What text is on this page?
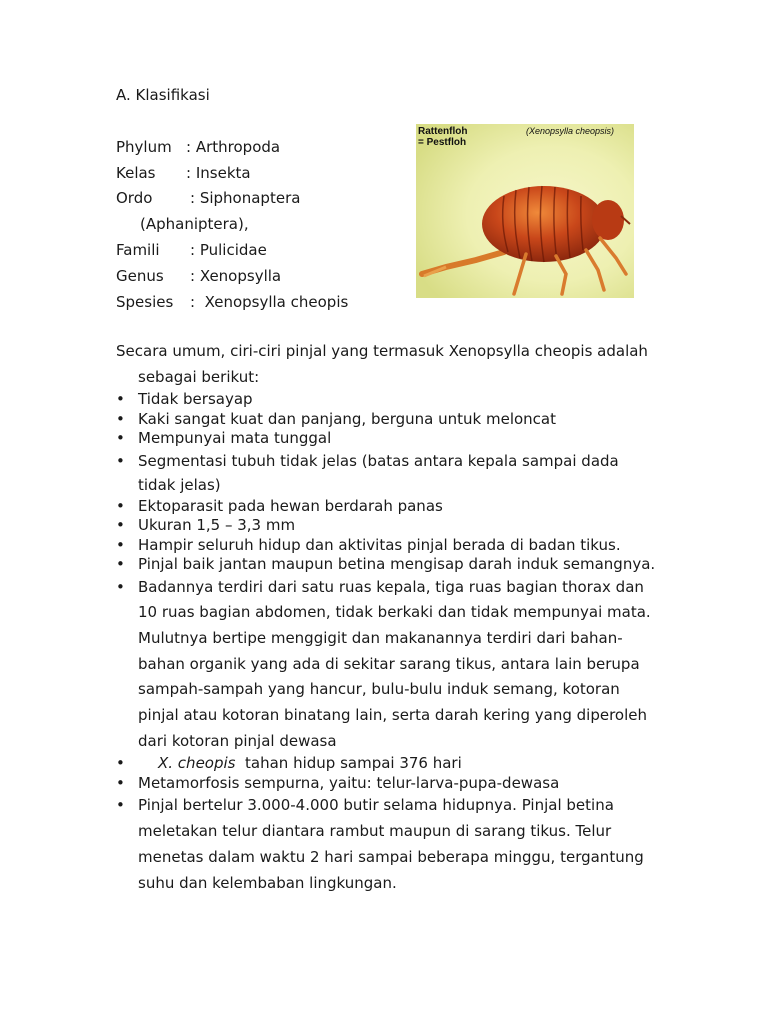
A. Klasifikasi
Phylum : Arthropoda
Kelas : Insekta
Ordo	: Siphonaptera
(Aphaniptera),
Famili : Pulicidae
Genus : Xenopsylla
Spesies : Xenopsylla cheopis
Rattenfloh
= Pestfloh
(Xenopsylla cheopsis)
Secara umum, ciri-ciri pinjal yang termasuk Xenopsylla cheopis adalah
sebagai berikut:
• Tidak bersayap
• Kaki sangat kuat dan panjang, berguna untuk meloncat
• Mempunyai mata tunggal
• Segmentasi tubuh tidak jelas (batas antara kepala sampai dada tidak jelas)
• Ektoparasit pada hewan berdarah panas
• Ukuran 1,5 – 3,3 mm
• Hampir seluruh hidup dan aktivitas pinjal berada di badan tikus.
• Pinjal baik jantan maupun betina mengisap darah induk semangnya.
• Badannya terdiri dari satu ruas kepala, tiga ruas bagian thorax dan 10 ruas bagian abdomen, tidak berkaki dan tidak mempunyai mata. Mulutnya bertipe menggigit dan makanannya terdiri dari bahan-bahan organik yang ada di sekitar sarang tikus, antara lain berupa sampah-sampah yang hancur, bulu-bulu induk semang, kotoran pinjal atau kotoran binatang lain, serta darah kering yang diperoleh dari kotoran pinjal dewasa
• X. cheopis tahan hidup sampai 376 hari
• Metamorfosis sempurna, yaitu: telur-larva-pupa-dewasa
• Pinjal bertelur 3.000-4.000 butir selama hidupnya. Pinjal betina meletakan telur diantara rambut maupun di sarang tikus. Telur menetas dalam waktu 2 hari sampai beberapa minggu, tergantung suhu dan kelembaban lingkungan.
